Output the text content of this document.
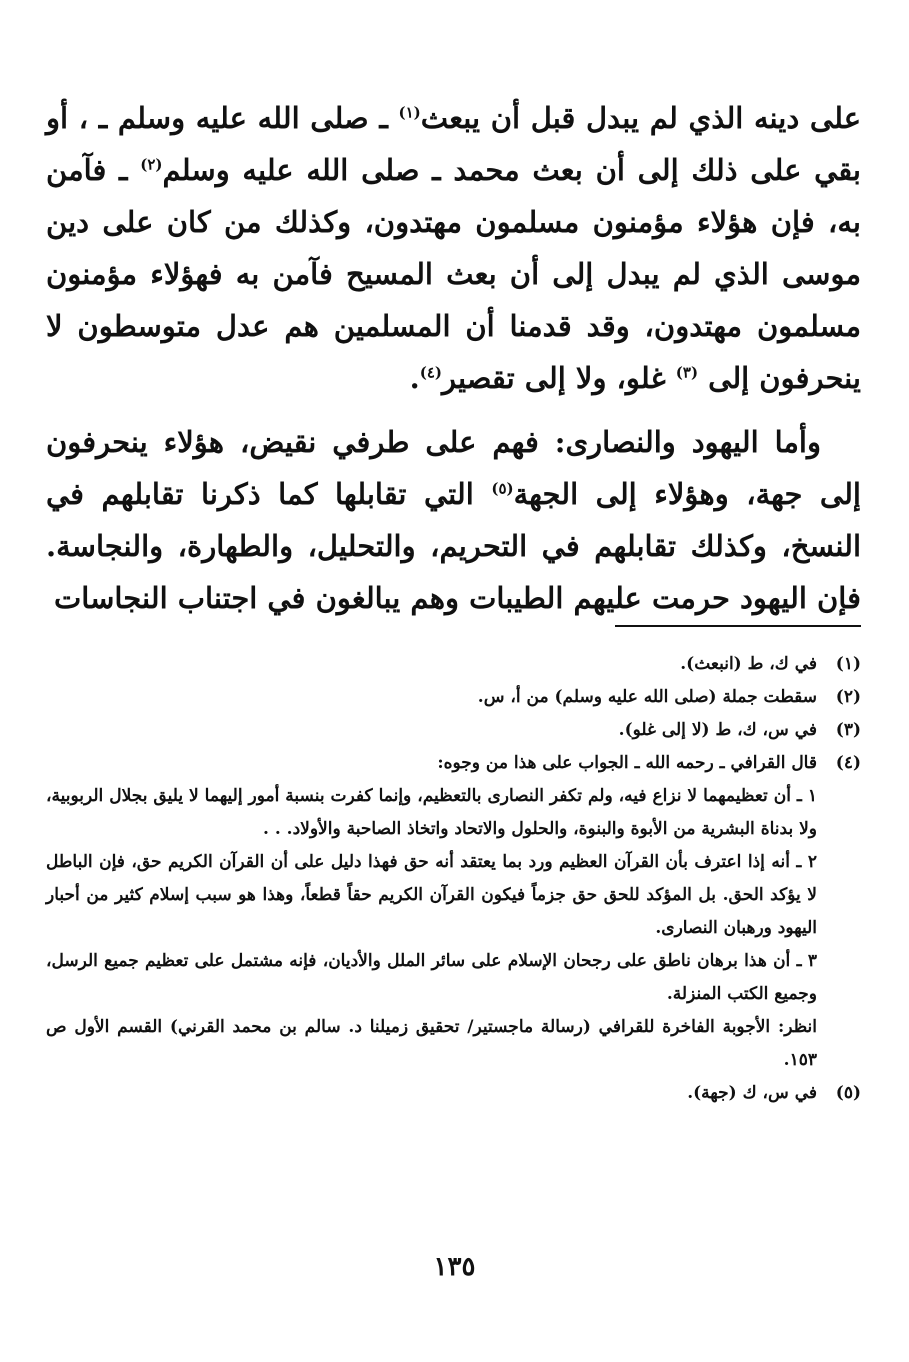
على دينه الذي لم يبدل قبل أن يبعث$^{(١)}$ ـ صلى الله عليه وسلم ـ ، أو بقي على ذلك إلى أن بعث محمد ـ صلى الله عليه وسلم$^{(٢)}$ ـ فآمن به، فإن هؤلاء مؤمنون مسلمون مهتدون، وكذلك من كان على دين موسى الذي لم يبدل إلى أن بعث المسيح فآمن به فهؤلاء مؤمنون مسلمون مهتدون، وقد قدمنا أن المسلمين هم عدل متوسطون لا ينحرفون إلى $^{(٣)}$ غلو، ولا إلى تقصير$^{(٤)}$.

وأما اليهود والنصارى: فهم على طرفي نقيض، هؤلاء ينحرفون إلى جهة، وهؤلاء إلى الجهة$^{(٥)}$ التي تقابلها كما ذكرنا تقابلهم في النسخ، وكذلك تقابلهم في التحريم، والتحليل، والطهارة، والنجاسة. فإن اليهود حرمت عليهم الطيبات وهم يبالغون في اجتناب النجاسات

(١)
في ك، ط (انبعث).
(٢)
سقطت جملة (صلى الله عليه وسلم) من أ، س.
(٣)
في س، ك، ط (لا إلى غلو).
(٤)
قال القرافي ـ رحمه الله ـ الجواب على هذا من وجوه:
١ ـ أن تعظيمهما لا نزاع فيه، ولم تكفر النصارى بالتعظيم، وإنما كفرت بنسبة أمور إليهما لا يليق بجلال الربوبية، ولا بدناة البشرية من الأبوة والبنوة، والحلول والاتحاد واتخاذ الصاحبة والأولاد. . .
٢ ـ أنه إذا اعترف بأن القرآن العظيم ورد بما يعتقد أنه حق فهذا دليل على أن القرآن الكريم حق، فإن الباطل لا يؤكد الحق. بل المؤكد للحق حق جزماً فيكون القرآن الكريم حقاً قطعاً، وهذا هو سبب إسلام كثير من أحبار اليهود ورهبان النصارى.
٣ ـ أن هذا برهان ناطق على رجحان الإسلام على سائر الملل والأديان، فإنه مشتمل على تعظيم جميع الرسل، وجميع الكتب المنزلة.
انظر: الأجوبة الفاخرة للقرافي (رسالة ماجستير/ تحقيق زميلنا د. سالم بن محمد القرني) القسم الأول ص ١٥٣.
(٥)
في س، ك (جهة).
١٣٥
